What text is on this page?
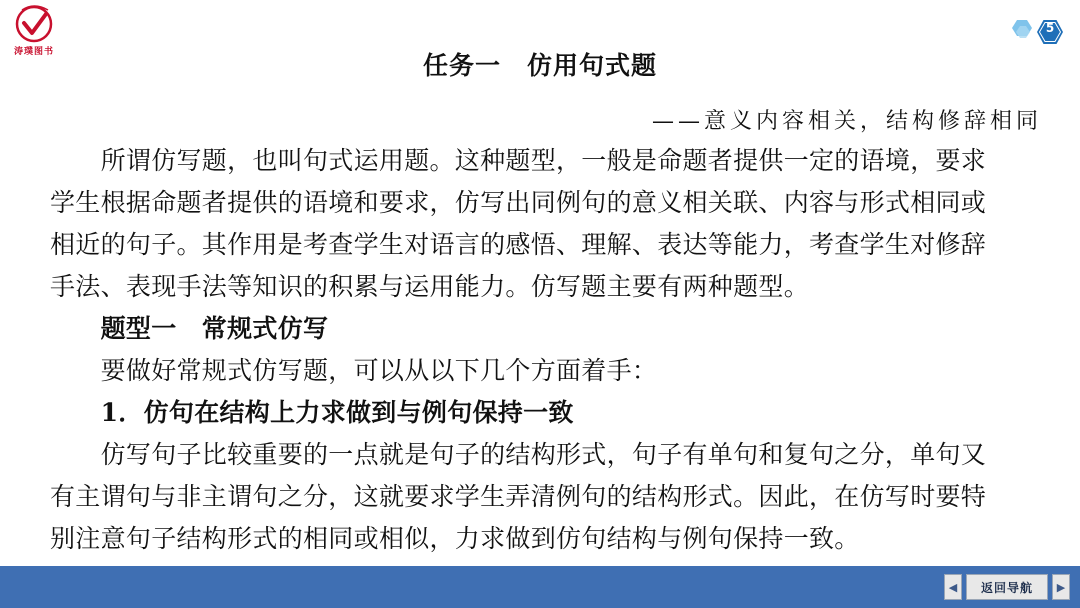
涛璞图书
5
任务一　仿用句式题
——意义内容相关，结构修辞相同
　　所谓仿写题，也叫句式运用题。这种题型，一般是命题者提供一定的语境，要求
学生根据命题者提供的语境和要求，仿写出同例句的意义相关联、内容与形式相同或
相近的句子。其作用是考查学生对语言的感悟、理解、表达等能力，考查学生对修辞
手法、表现手法等知识的积累与运用能力。仿写题主要有两种题型。
　　题型一　常规式仿写
　　要做好常规式仿写题，可以从以下几个方面着手：
　　1．仿句在结构上力求做到与例句保持一致
　　仿写句子比较重要的一点就是句子的结构形式，句子有单句和复句之分，单句又
有主谓句与非主谓句之分，这就要求学生弄清例句的结构形式。因此，在仿写时要特
别注意句子结构形式的相同或相似，力求做到仿句结构与例句保持一致。
◀	返回导航	▶
